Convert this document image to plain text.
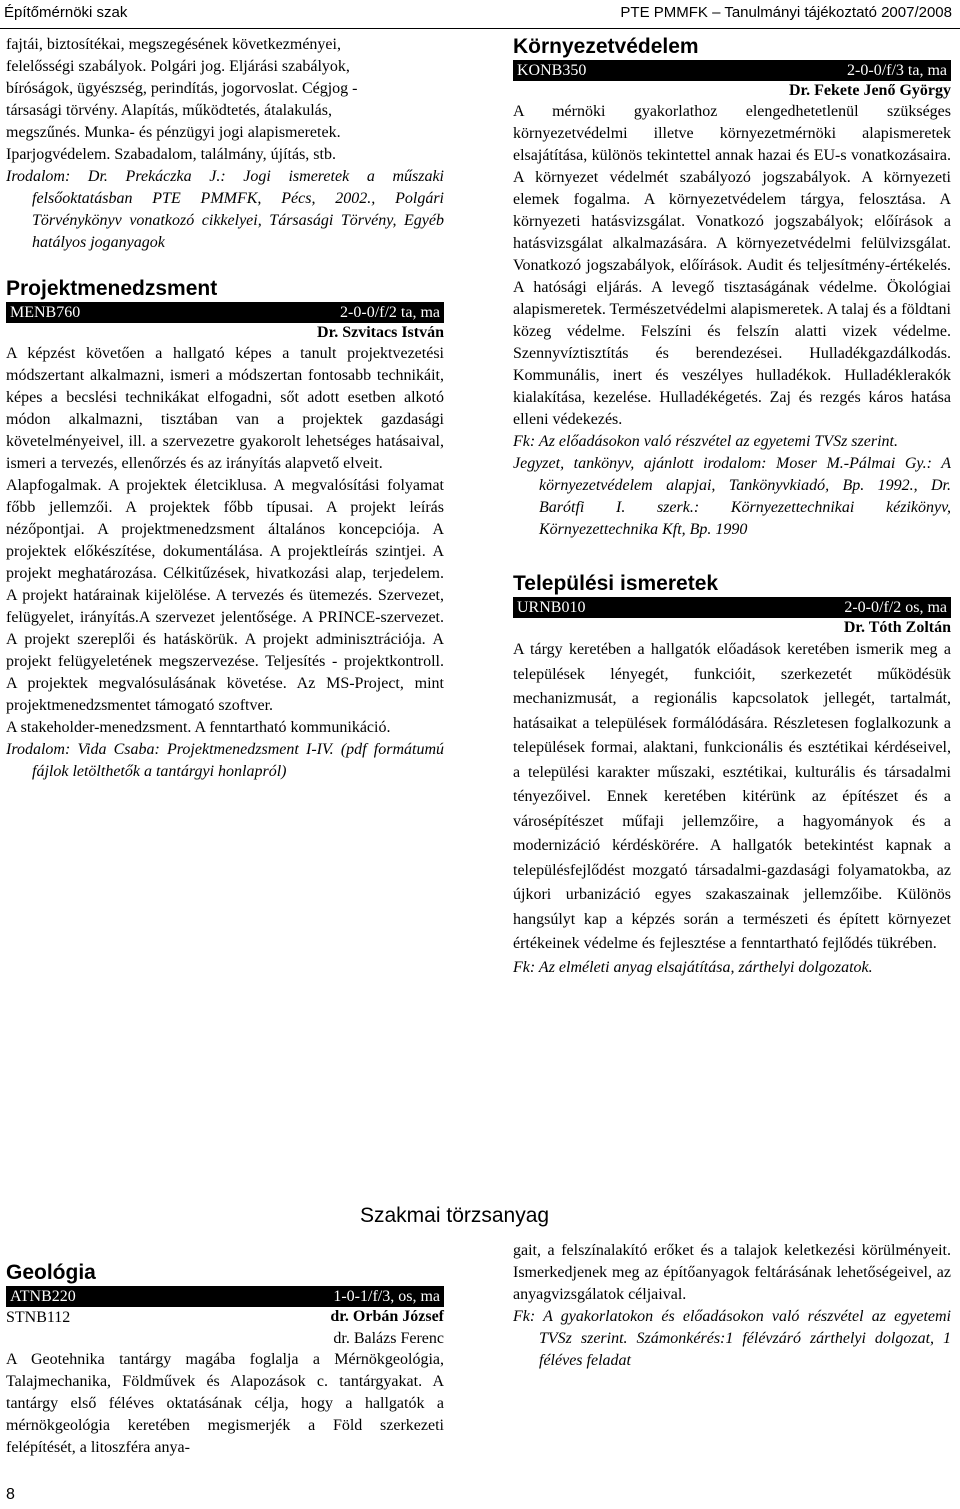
Építőmérnöki szak	PTE PMMFK – Tanulmányi tájékoztató 2007/2008
fajtái, biztosítékai, megszegésének következményei,
felelősségi szabályok. Polgári jog. Eljárási szabályok,
bíróságok, ügyészség, perindítás, jogorvoslat. Cégjog -
társasági törvény. Alapítás, működtetés, átalakulás,
megszűnés. Munka- és pénzügyi jogi alapismeretek.
Iparjogvédelem. Szabadalom, találmány, újítás, stb.

Irodalom: Dr. Prekáczka J.: Jogi ismeretek a műszaki felsőoktatásban PTE PMMFK, Pécs, 2002., Polgári Törvénykönyv vonatkozó cikkelyei, Társasági Törvény, Egyéb hatályos joganyagok

Projektmenedzsment
MENB760	2-0-0/f/2 ta, ma
Dr. Szvitacs István

A képzést követően a hallgató képes a tanult projektvezetési módszertant alkalmazni, ismeri a módszertan fontosabb technikáit, képes a becslési technikákat elfogadni, sőt adott esetben alkotó módon alkalmazni, tisztában van a projektek gazdasági követelményeivel, ill. a szervezetre gyakorolt lehetséges hatásaival, ismeri a tervezés, ellenőrzés és az irányítás alapvető elveit.

Alapfogalmak. A projektek életciklusa. A megvalósítási folyamat főbb jellemzői. A projektek főbb típusai. A projekt leírás nézőpontjai. A projektmenedzsment általános koncepciója. A projektek előkészítése, dokumentálása. A projektleírás szintjei. A projekt meghatározása. Célkitűzések, hivatkozási alap, terjedelem. A projekt határainak kijelölése. A tervezés és ütemezés. Szervezet, felügyelet, irányítás.A szervezet jelentősége. A PRINCE-szervezet. A projekt szereplői és hatáskörük. A projekt adminisztrációja. A projekt felügyeletének megszervezése. Teljesítés - projektkontroll. A projektek megvalósulásának követése. Az MS-Project, mint projektmenedzsmentet támogató szoftver.

A stakeholder-menedzsment. A fenntartható kommunikáció.

Irodalom: Vida Csaba: Projektmenedzsment I-IV. (pdf formátumú fájlok letölthetők a tantárgyi honlapról)

Környezetvédelem
KONB350	2-0-0/f/3 ta, ma
Dr. Fekete Jenő György

A mérnöki gyakorlathoz elengedhetetlenül szükséges környezetvédelmi illetve környezetmérnöki alapismeretek elsajátítása, különös tekintettel annak hazai és EU-s vonatkozásaira. A környezet védelmét szabályozó jogszabályok. A környezeti elemek fogalma. A környezetvédelem tárgya, felosztása. A környezeti hatásvizsgálat. Vonatkozó jogszabályok; előírások a hatásvizsgálat alkalmazására. A környezetvédelmi felülvizsgálat. Vonatkozó jogszabályok, előírások. Audit és teljesítmény-értékelés. A hatósági eljárás. A levegő tisztaságának védelme. Ökológiai alapismeretek. Természetvédelmi alapismeretek. A talaj és a földtani közeg védelme. Felszíni és felszín alatti vizek védelme. Szennyvíztisztítás és berendezései. Hulladékgazdálkodás. Kommunális, inert és veszélyes hulladékok. Hulladéklerakók kialakítása, kezelése. Hulladékégetés. Zaj és rezgés káros hatása elleni védekezés.

Fk: Az előadásokon való részvétel az egyetemi TVSz szerint.

Jegyzet, tankönyv, ajánlott irodalom: Moser M.-Pálmai Gy.: A környezetvédelem alapjai, Tankönyvkiadó, Bp. 1992., Dr. Barótfi I. szerk.: Környezettechnikai kézikönyv, Környezettechnika Kft, Bp. 1990

Települési ismeretek
URNB010	2-0-0/f/2 os, ma
Dr. Tóth Zoltán

A tárgy keretében a hallgatók előadások keretében ismerik meg a települések lényegét, funkcióit, szerkezetét működésük mechanizmusát, a regionális kapcsolatok jellegét, tartalmát, hatásaikat a települések formálódására. Részletesen foglalkozunk a települések formai, alaktani, funkcionális és esztétikai kérdéseivel, a települési karakter műszaki, esztétikai, kulturális és társadalmi tényezőivel. Ennek keretében kitérünk az építészet és a városépítészet műfaji jellemzőire, a hagyományok és a modernizáció kérdéskörére. A hallgatók betekintést kapnak a településfejlődést mozgató társadalmi-gazdasági folyamatokba, az újkori urbanizáció egyes szakaszainak jellemzőibe. Különös hangsúlyt kap a képzés során a természeti és épített környezet értékeinek védelme és fejlesztése a fenntartható fejlődés tükrében.

Fk: Az elméleti anyag elsajátítása, zárthelyi dolgozatok.

Szakmai törzsanyag
Geológia
ATNB220	1-0-1/f/3, os, ma
STNB112	dr. Orbán József
dr. Balázs Ferenc

A Geotehnika tantárgy magába foglalja a Mérnökgeológia, Talajmechanika, Földművek és Alapozások c. tantárgyakat. A tantárgy első féléves oktatásának célja, hogy a hallgatók a mérnökgeológia keretében megismerjék a Föld szerkezeti felépítését, a litoszféra anya-

gait, a felszínalakító erőket és a talajok keletkezési körülményeit. Ismerkedjenek meg az építőanyagok feltárásának lehetőségeivel, az anyagvizsgálatok céljaival.

Fk: A gyakorlatokon és előadásokon való részvétel az egyetemi TVSz szerint. Számonkérés:1 félévzáró zárthelyi dolgozat, 1 féléves feladat

8
